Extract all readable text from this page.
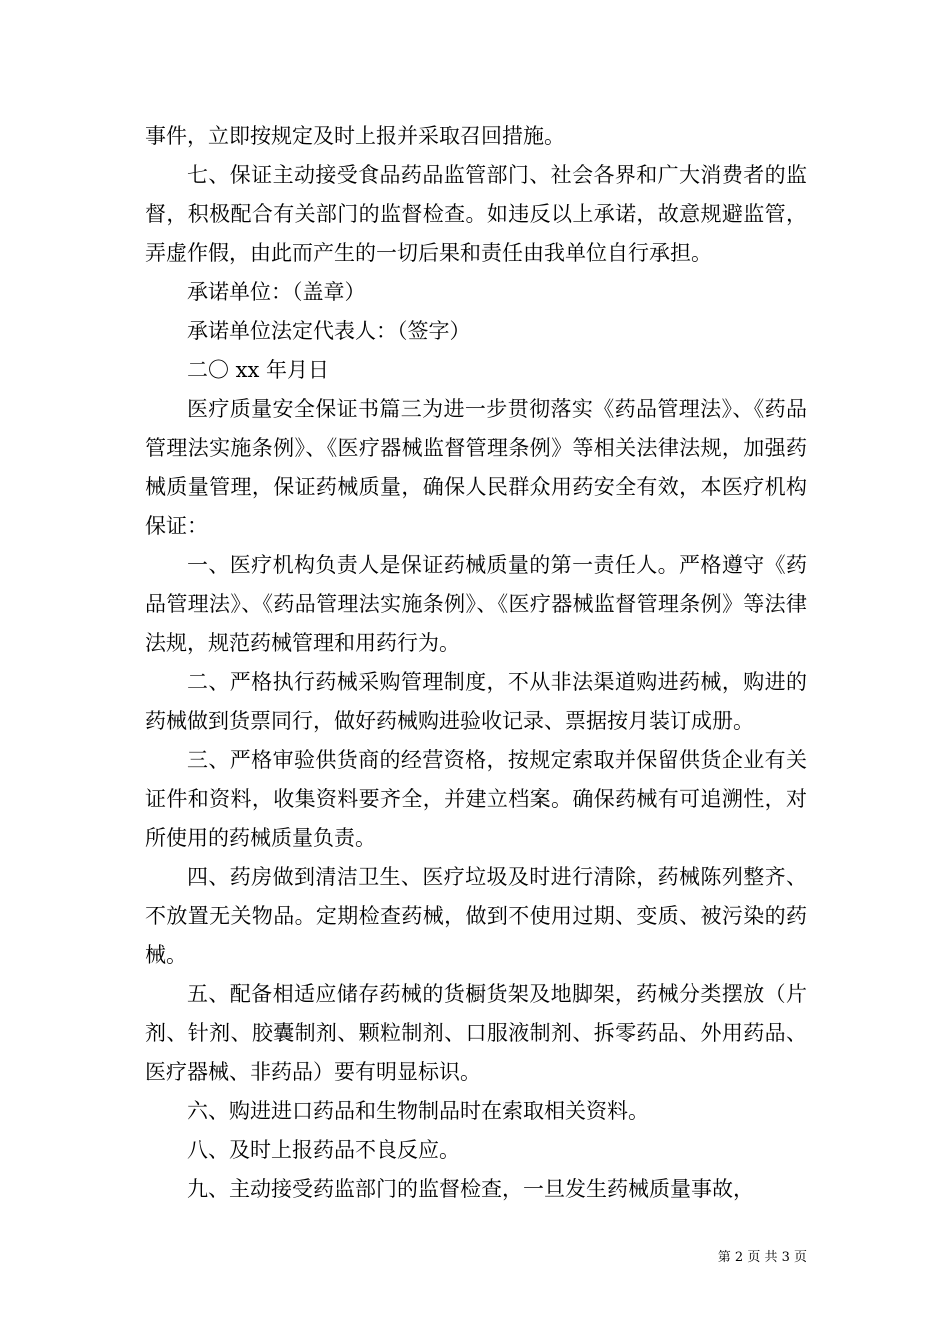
事件，立即按规定及时上报并采取召回措施。

七、保证主动接受食品药品监管部门、社会各界和广大消费者的监督，积极配合有关部门的监督检查。如违反以上承诺，故意规避监管，弄虚作假，由此而产生的一切后果和责任由我单位自行承担。

承诺单位：（盖章）

承诺单位法定代表人：（签字）

二〇 xx 年月日

医疗质量安全保证书篇三为进一步贯彻落实《药品管理法》、《药品管理法实施条例》、《医疗器械监督管理条例》等相关法律法规，加强药械质量管理，保证药械质量，确保人民群众用药安全有效，本医疗机构保证：

一、医疗机构负责人是保证药械质量的第一责任人。严格遵守《药品管理法》、《药品管理法实施条例》、《医疗器械监督管理条例》等法律法规，规范药械管理和用药行为。

二、严格执行药械采购管理制度，不从非法渠道购进药械，购进的药械做到货票同行，做好药械购进验收记录、票据按月装订成册。

三、严格审验供货商的经营资格，按规定索取并保留供货企业有关证件和资料，收集资料要齐全，并建立档案。确保药械有可追溯性，对所使用的药械质量负责。

四、药房做到清洁卫生、医疗垃圾及时进行清除，药械陈列整齐、不放置无关物品。定期检查药械，做到不使用过期、变质、被污染的药械。

五、配备相适应储存药械的货橱货架及地脚架，药械分类摆放（片剂、针剂、胶囊制剂、颗粒制剂、口服液制剂、拆零药品、外用药品、医疗器械、非药品）要有明显标识。

六、购进进口药品和生物制品时在索取相关资料。

八、及时上报药品不良反应。

九、主动接受药监部门的监督检查，一旦发生药械质量事故，

第 2 页 共 3 页
